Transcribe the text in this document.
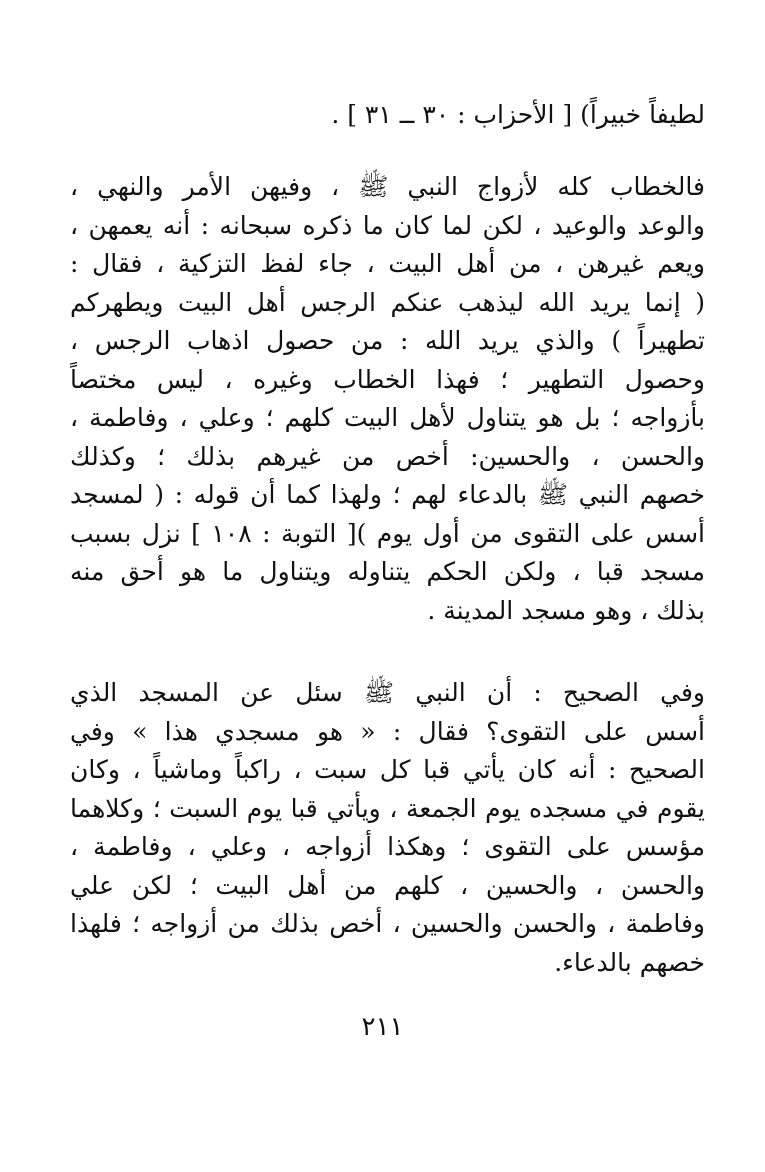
لطيفاً خبيراً) [ الأحزاب : ٣٠ ــ ٣١ ] .
فالخطاب كله لأزواج النبي ﷺ ، وفيهن الأمر والنهي ،
والوعد والوعيد ، لكن لما كان ما ذكره سبحانه : أنه يعمهن ،
ويعم غيرهن ، من أهل البيت ، جاء لفظ التزكية ، فقال :
( إنما يريد الله ليذهب عنكم الرجس أهل البيت ويطهركم
تطهيراً ) والذي يريد الله : من حصول اذهاب الرجس ،
وحصول التطهير ؛ فهذا الخطاب وغيره ، ليس مختصاً
بأزواجه ؛ بل هو يتناول لأهل البيت كلهم ؛ وعلي ، وفاطمة ،
والحسن ، والحسين: أخص من غيرهم بذلك ؛ وكذلك
خصهم النبي ﷺ بالدعاء لهم ؛ ولهذا كما أن قوله : ( لمسجد
أسس على التقوى من أول يوم )[ التوبة : ١٠٨ ] نزل بسبب
مسجد قبا ، ولكن الحكم يتناوله ويتناول ما هو أحق منه
بذلك ، وهو مسجد المدينة .
وفي الصحيح : أن النبي ﷺ سئل عن المسجد الذي
أسس على التقوى؟ فقال : « هو مسجدي هذا » وفي
الصحيح : أنه كان يأتي قبا كل سبت ، راكباً وماشياً ، وكان
يقوم في مسجده يوم الجمعة ، ويأتي قبا يوم السبت ؛ وكلاهما
مؤسس على التقوى ؛ وهكذا أزواجه ، وعلي ، وفاطمة ،
والحسن ، والحسين ، كلهم من أهل البيت ؛ لكن علي
وفاطمة ، والحسن والحسين ، أخص بذلك من أزواجه ؛ فلهذا
خصهم بالدعاء.
٢١١
